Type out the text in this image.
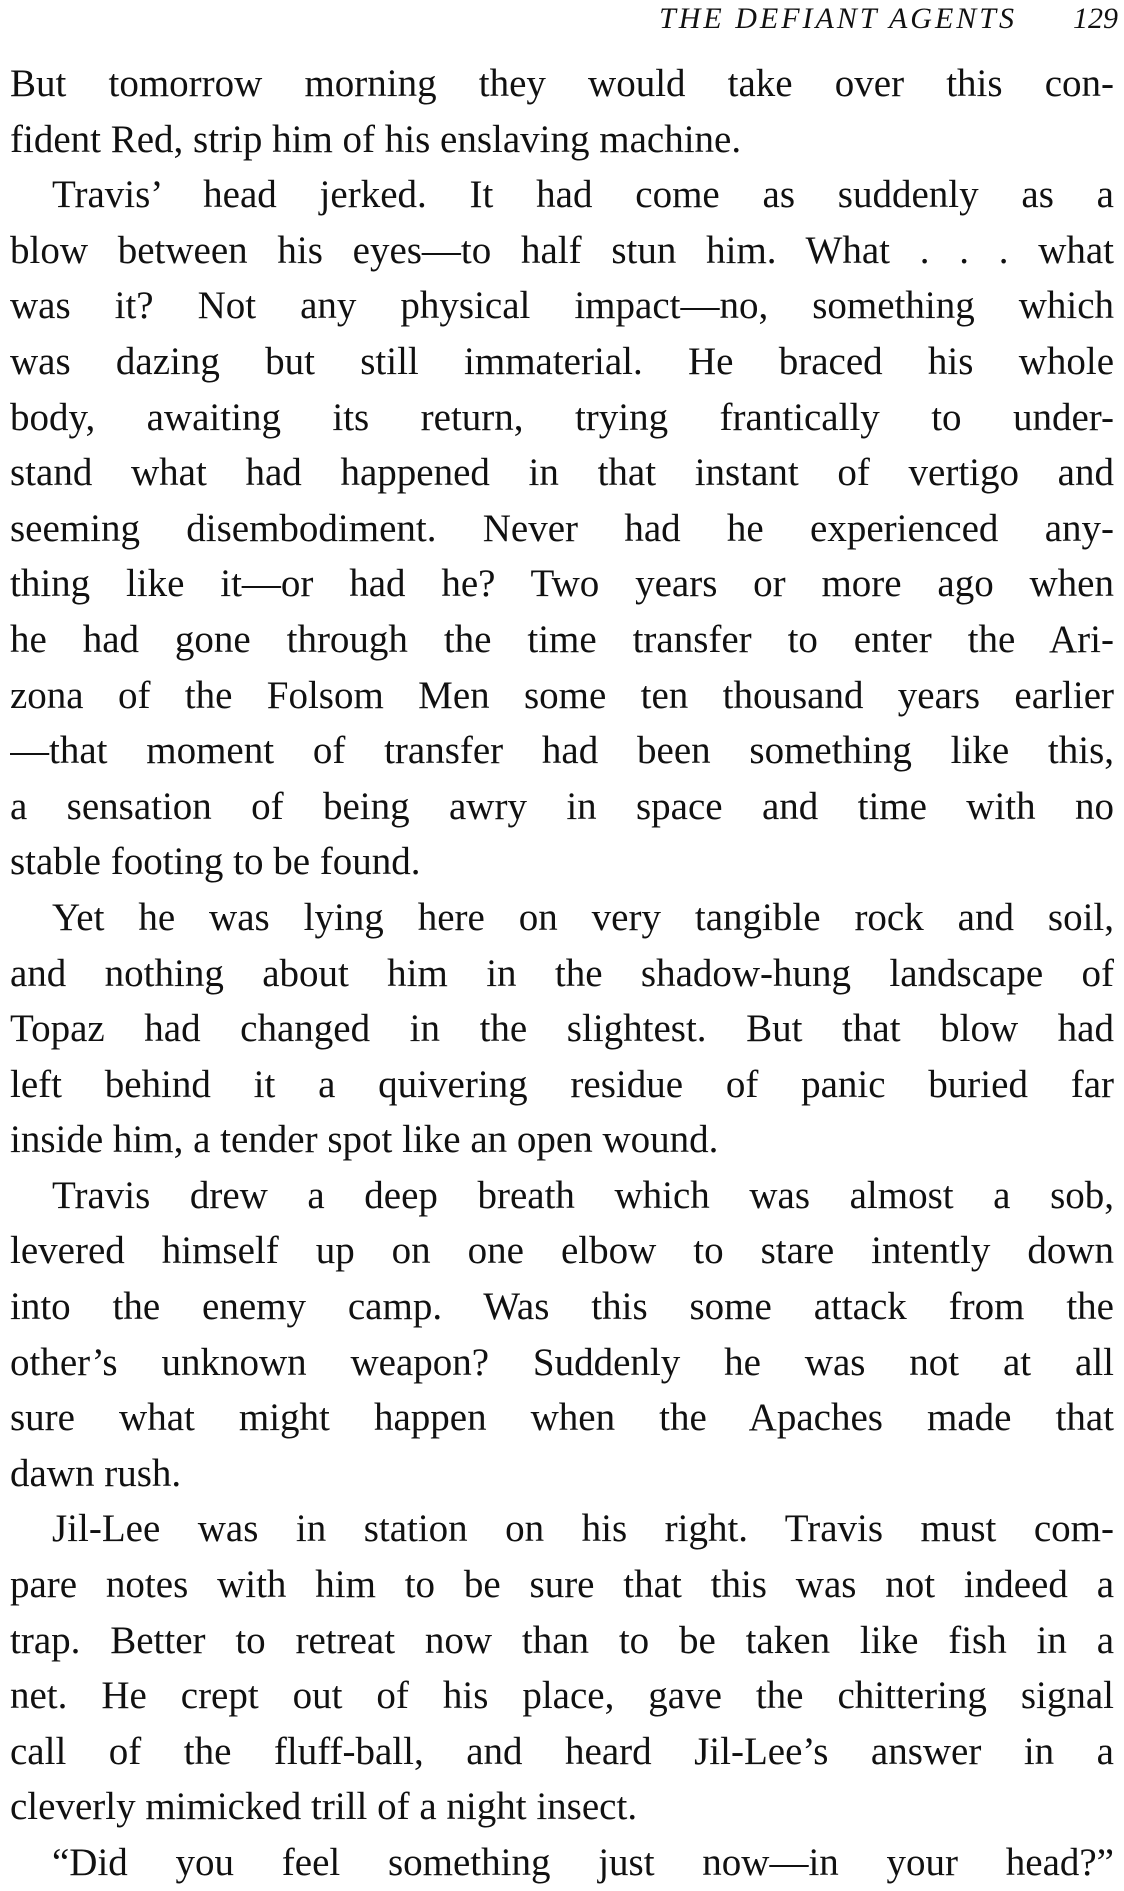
THE DEFIANT AGENTS 129
But tomorrow morning they would take over this con-
fident Red, strip him of his enslaving machine.
Travis’ head jerked. It had come as suddenly as a
blow between his eyes—to half stun him. What . . . what
was it? Not any physical impact—no, something which
was dazing but still immaterial. He braced his whole
body, awaiting its return, trying frantically to under-
stand what had happened in that instant of vertigo and
seeming disembodiment. Never had he experienced any-
thing like it—or had he? Two years or more ago when
he had gone through the time transfer to enter the Ari-
zona of the Folsom Men some ten thousand years earlier
—that moment of transfer had been something like this,
a sensation of being awry in space and time with no
stable footing to be found.
Yet he was lying here on very tangible rock and soil,
and nothing about him in the shadow-hung landscape of
Topaz had changed in the slightest. But that blow had
left behind it a quivering residue of panic buried far
inside him, a tender spot like an open wound.
Travis drew a deep breath which was almost a sob,
levered himself up on one elbow to stare intently down
into the enemy camp. Was this some attack from the
other’s unknown weapon? Suddenly he was not at all
sure what might happen when the Apaches made that
dawn rush.
Jil-Lee was in station on his right. Travis must com-
pare notes with him to be sure that this was not indeed a
trap. Better to retreat now than to be taken like fish in a
net. He crept out of his place, gave the chittering signal
call of the fluff-ball, and heard Jil-Lee’s answer in a
cleverly mimicked trill of a night insect.
“Did you feel something just now—in your head?”
